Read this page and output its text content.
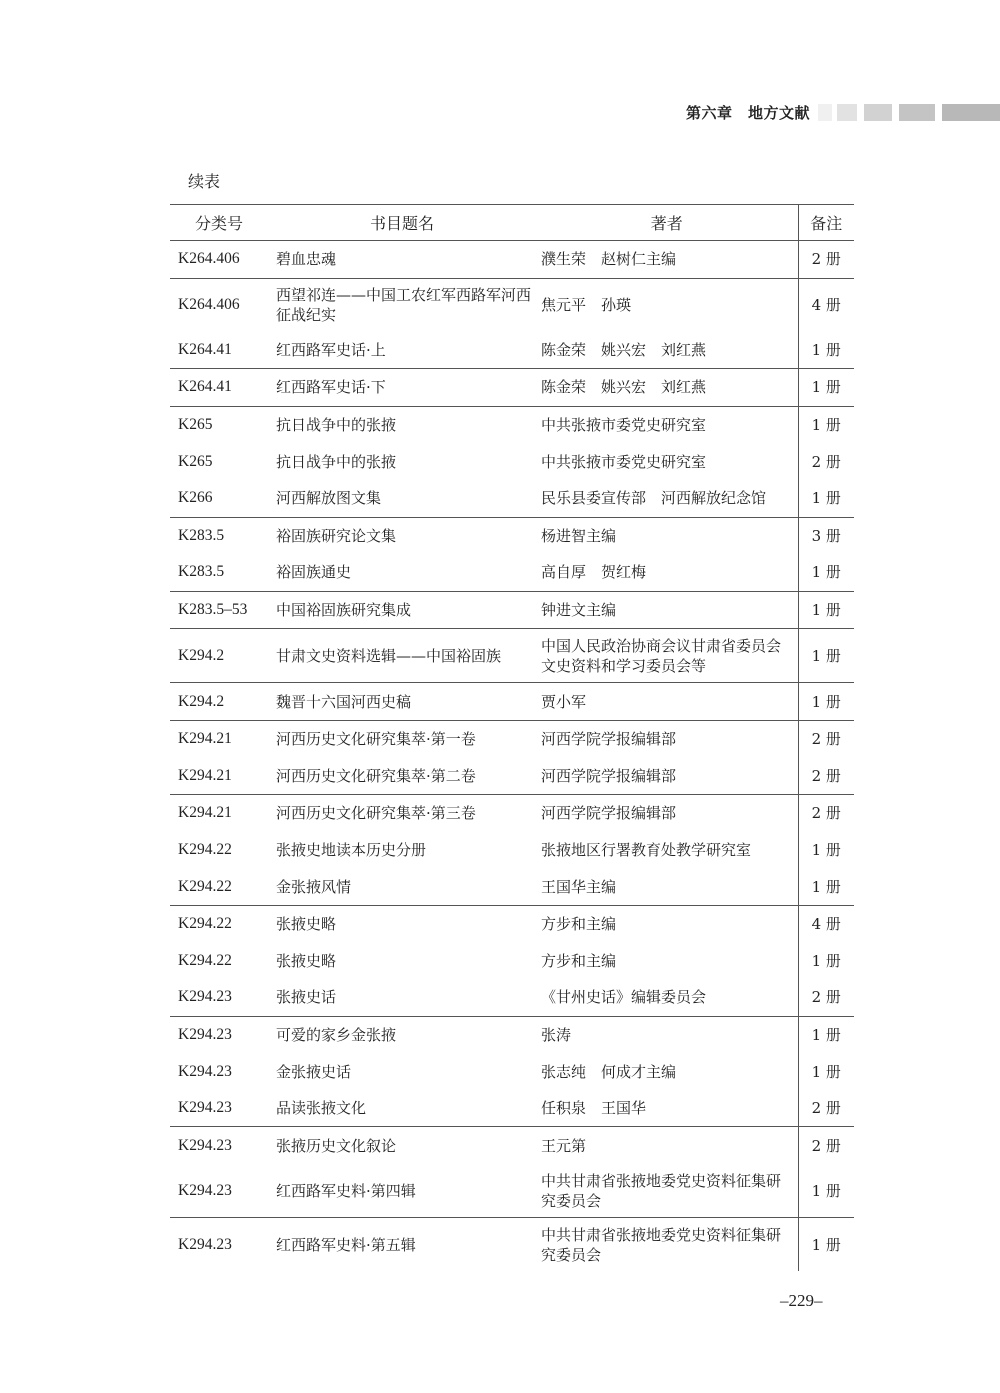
第六章　地方文献
续表
分类号	书目题名	著者	备注
K264.406	碧血忠魂	濮生荣　赵树仁主编	2 册
K264.406	西望祁连——中国工农红军西路军河西征战纪实	焦元平　孙瑛	4 册
K264.41	红西路军史话·上	陈金荣　姚兴宏　刘红燕	1 册
K264.41	红西路军史话·下	陈金荣　姚兴宏　刘红燕	1 册
K265	抗日战争中的张掖	中共张掖市委党史研究室	1 册
K265	抗日战争中的张掖	中共张掖市委党史研究室	2 册
K266	河西解放图文集	民乐县委宣传部　河西解放纪念馆	1 册
K283.5	裕固族研究论文集	杨进智主编	3 册
K283.5	裕固族通史	高自厚　贺红梅	1 册
K283.5–53	中国裕固族研究集成	钟进文主编	1 册
K294.2	甘肃文史资料选辑——中国裕固族	中国人民政治协商会议甘肃省委员会文史资料和学习委员会等	1 册
K294.2	魏晋十六国河西史稿	贾小军	1 册
K294.21	河西历史文化研究集萃·第一卷	河西学院学报编辑部	2 册
K294.21	河西历史文化研究集萃·第二卷	河西学院学报编辑部	2 册
K294.21	河西历史文化研究集萃·第三卷	河西学院学报编辑部	2 册
K294.22	张掖史地读本历史分册	张掖地区行署教育处教学研究室	1 册
K294.22	金张掖风情	王国华主编	1 册
K294.22	张掖史略	方步和主编	4 册
K294.22	张掖史略	方步和主编	1 册
K294.23	张掖史话	《甘州史话》编辑委员会	2 册
K294.23	可爱的家乡金张掖	张涛	1 册
K294.23	金张掖史话	张志纯　何成才主编	1 册
K294.23	品读张掖文化	任积泉　王国华	2 册
K294.23	张掖历史文化叙论	王元第	2 册
K294.23	红西路军史料·第四辑	中共甘肃省张掖地委党史资料征集研究委员会	1 册
K294.23	红西路军史料·第五辑	中共甘肃省张掖地委党史资料征集研究委员会	1 册
–229–
